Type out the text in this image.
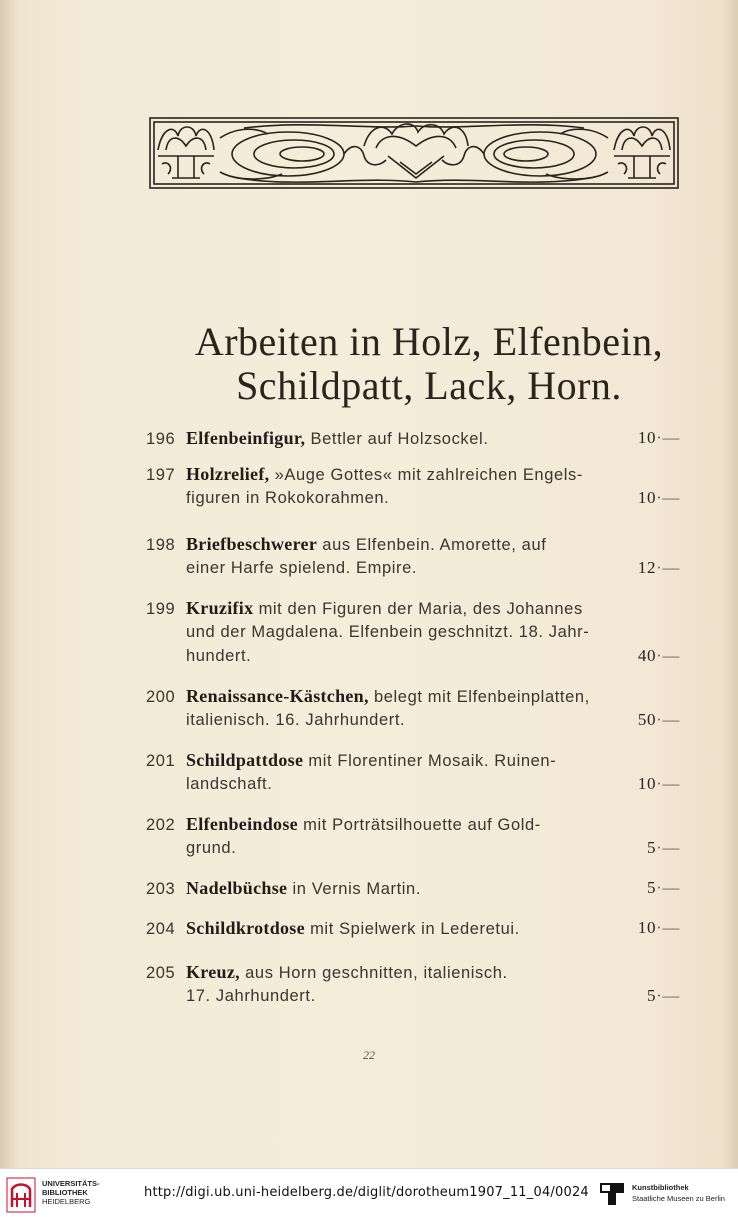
Arbeiten in Holz, Elfenbein,
Schildpatt, Lack, Horn.
196 Elfenbeinfigur, Bettler auf Holzsockel.	10·—
197 Holzrelief, »Auge Gottes« mit zahlreichen Engels-
figuren in Rokokorahmen.	10·—
198 Briefbeschwerer aus Elfenbein. Amorette, auf
einer Harfe spielend. Empire.	12·—
199 Kruzifix mit den Figuren der Maria, des Johannes
und der Magdalena. Elfenbein geschnitzt. 18. Jahr-
hundert.	40·—
200 Renaissance-Kästchen, belegt mit Elfenbeinplatten,
italienisch. 16. Jahrhundert.	50·—
201 Schildpattdose mit Florentiner Mosaik. Ruinen-
landschaft.	10·—
202 Elfenbeindose mit Porträtsilhouette auf Gold-
grund.	5·—
203 Nadelbüchse in Vernis Martin.	5·—
204 Schildkrotdose mit Spielwerk in Lederetui.	10·—
205 Kreuz, aus Horn geschnitten, italienisch.
17. Jahrhundert.	5·—
22
UNIVERSITÄTS-
BIBLIOTHEK
HEIDELBERG
http://digi.ub.uni-heidelberg.de/diglit/dorotheum1907_11_04/0024	Kunstbibliothek
Staatliche Museen zu Berlin
